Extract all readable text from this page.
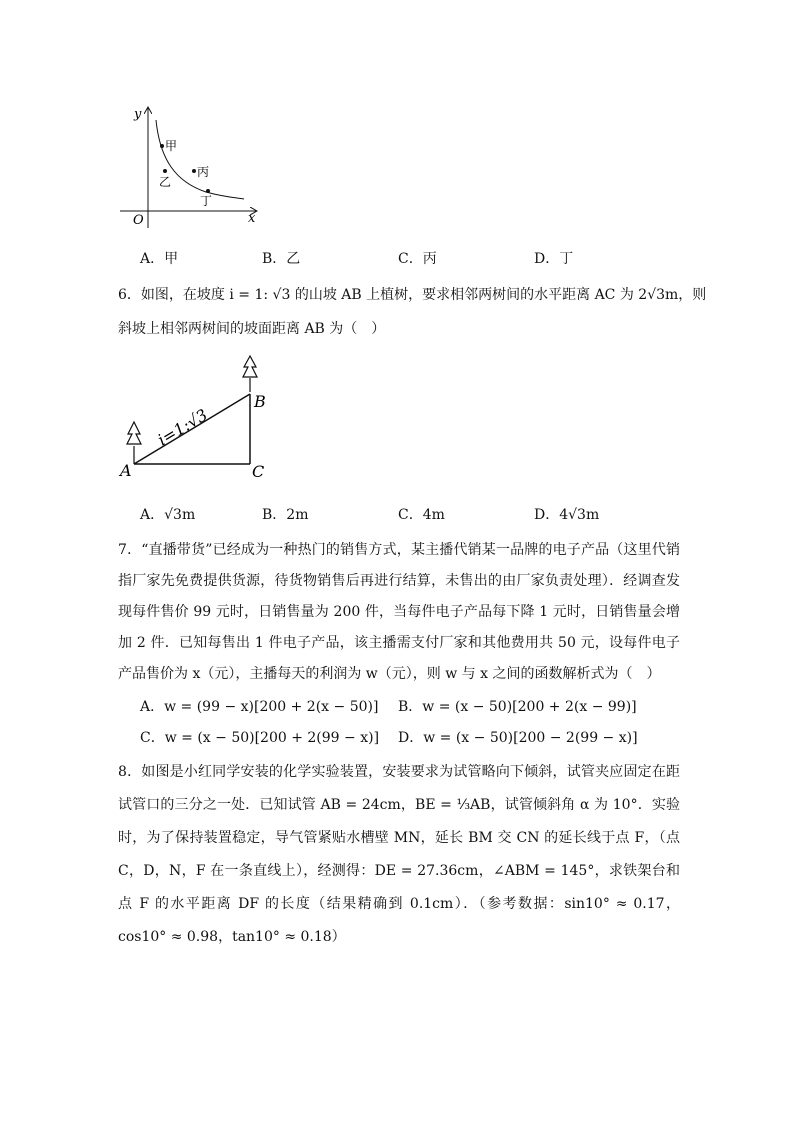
y
x
O
甲
乙
丙
丁
A．甲	B．乙	C．丙	D．丁

6．如图，在坡度 i = 1: √3 的山坡 AB 上植树，要求相邻两树间的水平距离 AC 为 2√3m，则

斜坡上相邻两树间的坡面距离 AB 为（　）

A
B
C
i=1:√3
A．√3m	B．2m	C．4m	D．4√3m

7．“直播带货”已经成为一种热门的销售方式，某主播代销某一品牌的电子产品（这里代销指厂家先免费提供货源，待货物销售后再进行结算，未售出的由厂家负责处理）．经调查发现每件售价 99 元时，日销售量为 200 件，当每件电子产品每下降 1 元时，日销售量会增加 2 件．已知每售出 1 件电子产品，该主播需支付厂家和其他费用共 50 元，设每件电子产品售价为 x（元），主播每天的利润为 w（元），则 w 与 x 之间的函数解析式为（　）

A．w = (99 − x)[200 + 2(x − 50)] B．w = (x − 50)[200 + 2(x − 99)]
C．w = (x − 50)[200 + 2(99 − x)] D．w = (x − 50)[200 − 2(99 − x)]

8．如图是小红同学安装的化学实验装置，安装要求为试管略向下倾斜，试管夹应固定在距试管口的三分之一处．已知试管 AB = 24cm，BE = ⅓AB，试管倾斜角 α 为 10°．实验时，为了保持装置稳定，导气管紧贴水槽壁 MN，延长 BM 交 CN 的延长线于点 F，（点 C，D，N，F 在一条直线上），经测得：DE = 27.36cm，∠ABM = 145°，求铁架台和点 F 的水平距离 DF 的长度（结果精确到 0.1cm）．（参考数据：sin10° ≈ 0.17，cos10° ≈ 0.98，tan10° ≈ 0.18）
